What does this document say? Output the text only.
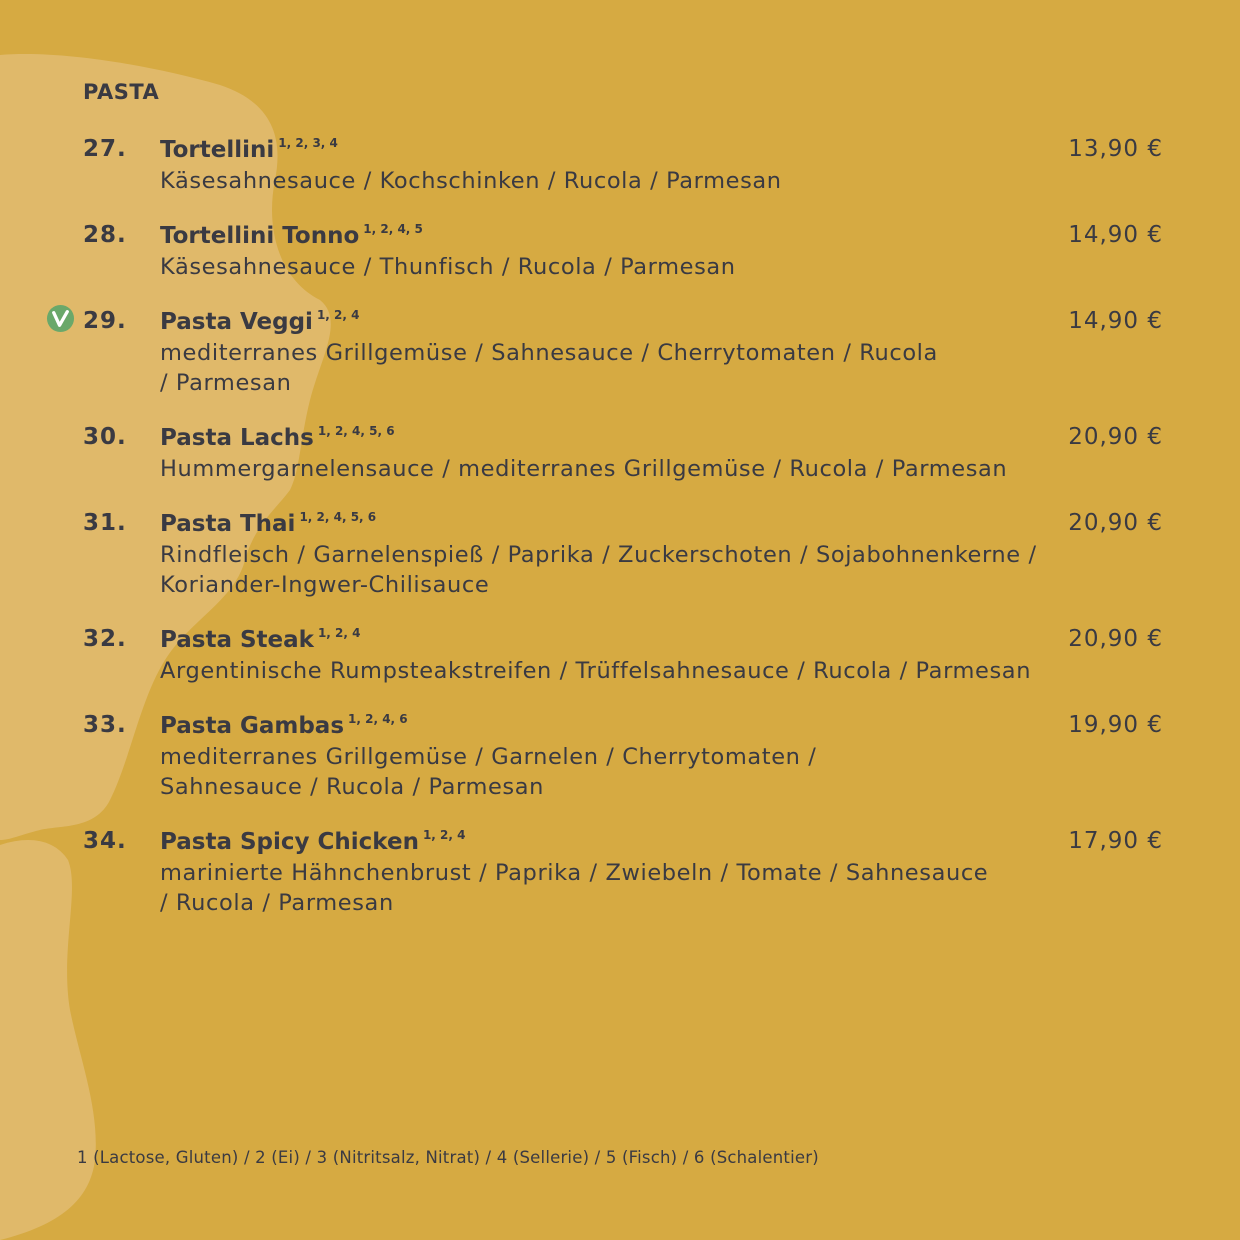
PASTA
27. Tortellini $^{1, 2, 3, 4}$	13,90 €
Käsesahnesauce / Kochschinken / Rucola / Parmesan
28. Tortellini Tonno $^{1, 2, 4, 5}$	14,90 €
Käsesahnesauce / Thunfisch / Rucola / Parmesan
29. Pasta Veggi $^{1, 2, 4}$	14,90 €
mediterranes Grillgemüse / Sahnesauce / Cherrytomaten / Rucola / Parmesan
30. Pasta Lachs $^{1, 2, 4, 5, 6}$	20,90 €
Hummergarnelensauce / mediterranes Grillgemüse / Rucola / Parmesan
31. Pasta Thai $^{1, 2, 4, 5, 6}$	20,90 €
Rindfleisch / Garnelenspieß / Paprika / Zuckerschoten / Sojabohnenkerne / Koriander-Ingwer-Chilisauce
32. Pasta Steak $^{1, 2, 4}$	20,90 €
Argentinische Rumpsteakstreifen / Trüffelsahnesauce / Rucola / Parmesan
33. Pasta Gambas $^{1, 2, 4, 6}$	19,90 €
mediterranes Grillgemüse / Garnelen / Cherrytomaten / Sahnesauce / Rucola / Parmesan
34. Pasta Spicy Chicken $^{1, 2, 4}$	17,90 €
marinierte Hähnchenbrust / Paprika / Zwiebeln / Tomate / Sahnesauce / Rucola / Parmesan
1 (Lactose, Gluten) / 2 (Ei) / 3 (Nitritsalz, Nitrat) / 4 (Sellerie) / 5 (Fisch) / 6 (Schalentier)
